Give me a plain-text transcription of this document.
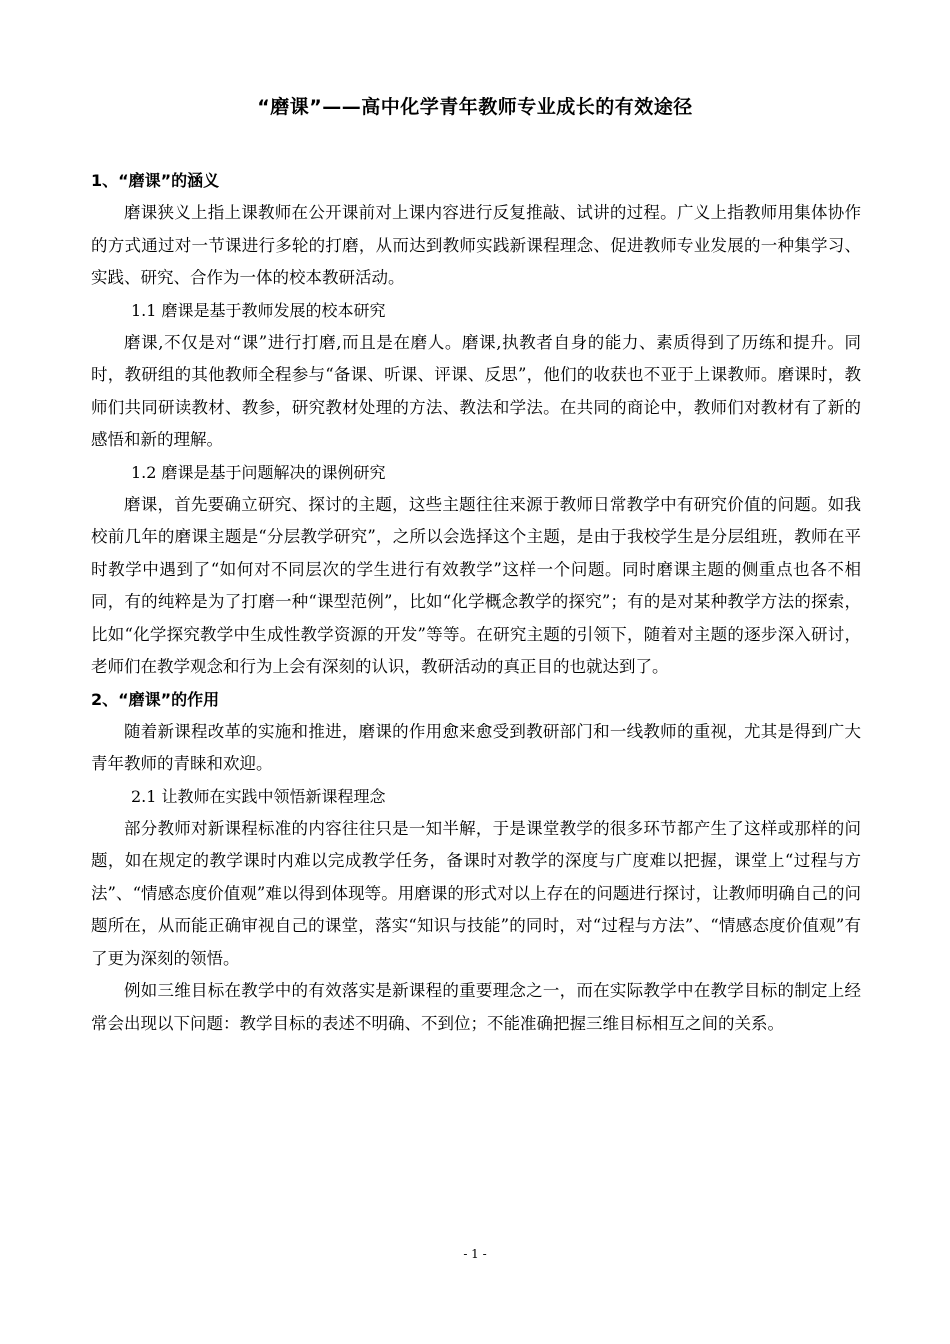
“磨课”——高中化学青年教师专业成长的有效途径
1、“磨课”的涵义

磨课狭义上指上课教师在公开课前对上课内容进行反复推敲、试讲的过程。广义上指教师用集体协作的方式通过对一节课进行多轮的打磨，从而达到教师实践新课程理念、促进教师专业发展的一种集学习、实践、研究、合作为一体的校本教研活动。

1.1 磨课是基于教师发展的校本研究

磨课,不仅是对“课”进行打磨,而且是在磨人。磨课,执教者自身的能力、素质得到了历练和提升。同时，教研组的其他教师全程参与“备课、听课、评课、反思”，他们的收获也不亚于上课教师。磨课时，教师们共同研读教材、教参，研究教材处理的方法、教法和学法。在共同的商论中，教师们对教材有了新的感悟和新的理解。

1.2 磨课是基于问题解决的课例研究

磨课，首先要确立研究、探讨的主题，这些主题往往来源于教师日常教学中有研究价值的问题。如我校前几年的磨课主题是“分层教学研究”，之所以会选择这个主题，是由于我校学生是分层组班，教师在平时教学中遇到了“如何对不同层次的学生进行有效教学”这样一个问题。同时磨课主题的侧重点也各不相同，有的纯粹是为了打磨一种“课型范例”，比如“化学概念教学的探究”；有的是对某种教学方法的探索，比如“化学探究教学中生成性教学资源的开发”等等。在研究主题的引领下，随着对主题的逐步深入研讨，老师们在教学观念和行为上会有深刻的认识，教研活动的真正目的也就达到了。

2、“磨课”的作用

随着新课程改革的实施和推进，磨课的作用愈来愈受到教研部门和一线教师的重视，尤其是得到广大青年教师的青睐和欢迎。

2.1 让教师在实践中领悟新课程理念

部分教师对新课程标准的内容往往只是一知半解，于是课堂教学的很多环节都产生了这样或那样的问题，如在规定的教学课时内难以完成教学任务，备课时对教学的深度与广度难以把握，课堂上“过程与方法”、“情感态度价值观”难以得到体现等。用磨课的形式对以上存在的问题进行探讨，让教师明确自己的问题所在，从而能正确审视自己的课堂，落实“知识与技能”的同时，对“过程与方法”、“情感态度价值观”有了更为深刻的领悟。

例如三维目标在教学中的有效落实是新课程的重要理念之一，而在实际教学中在教学目标的制定上经常会出现以下问题：教学目标的表述不明确、不到位；不能准确把握三维目标相互之间的关系。

- 1 -
